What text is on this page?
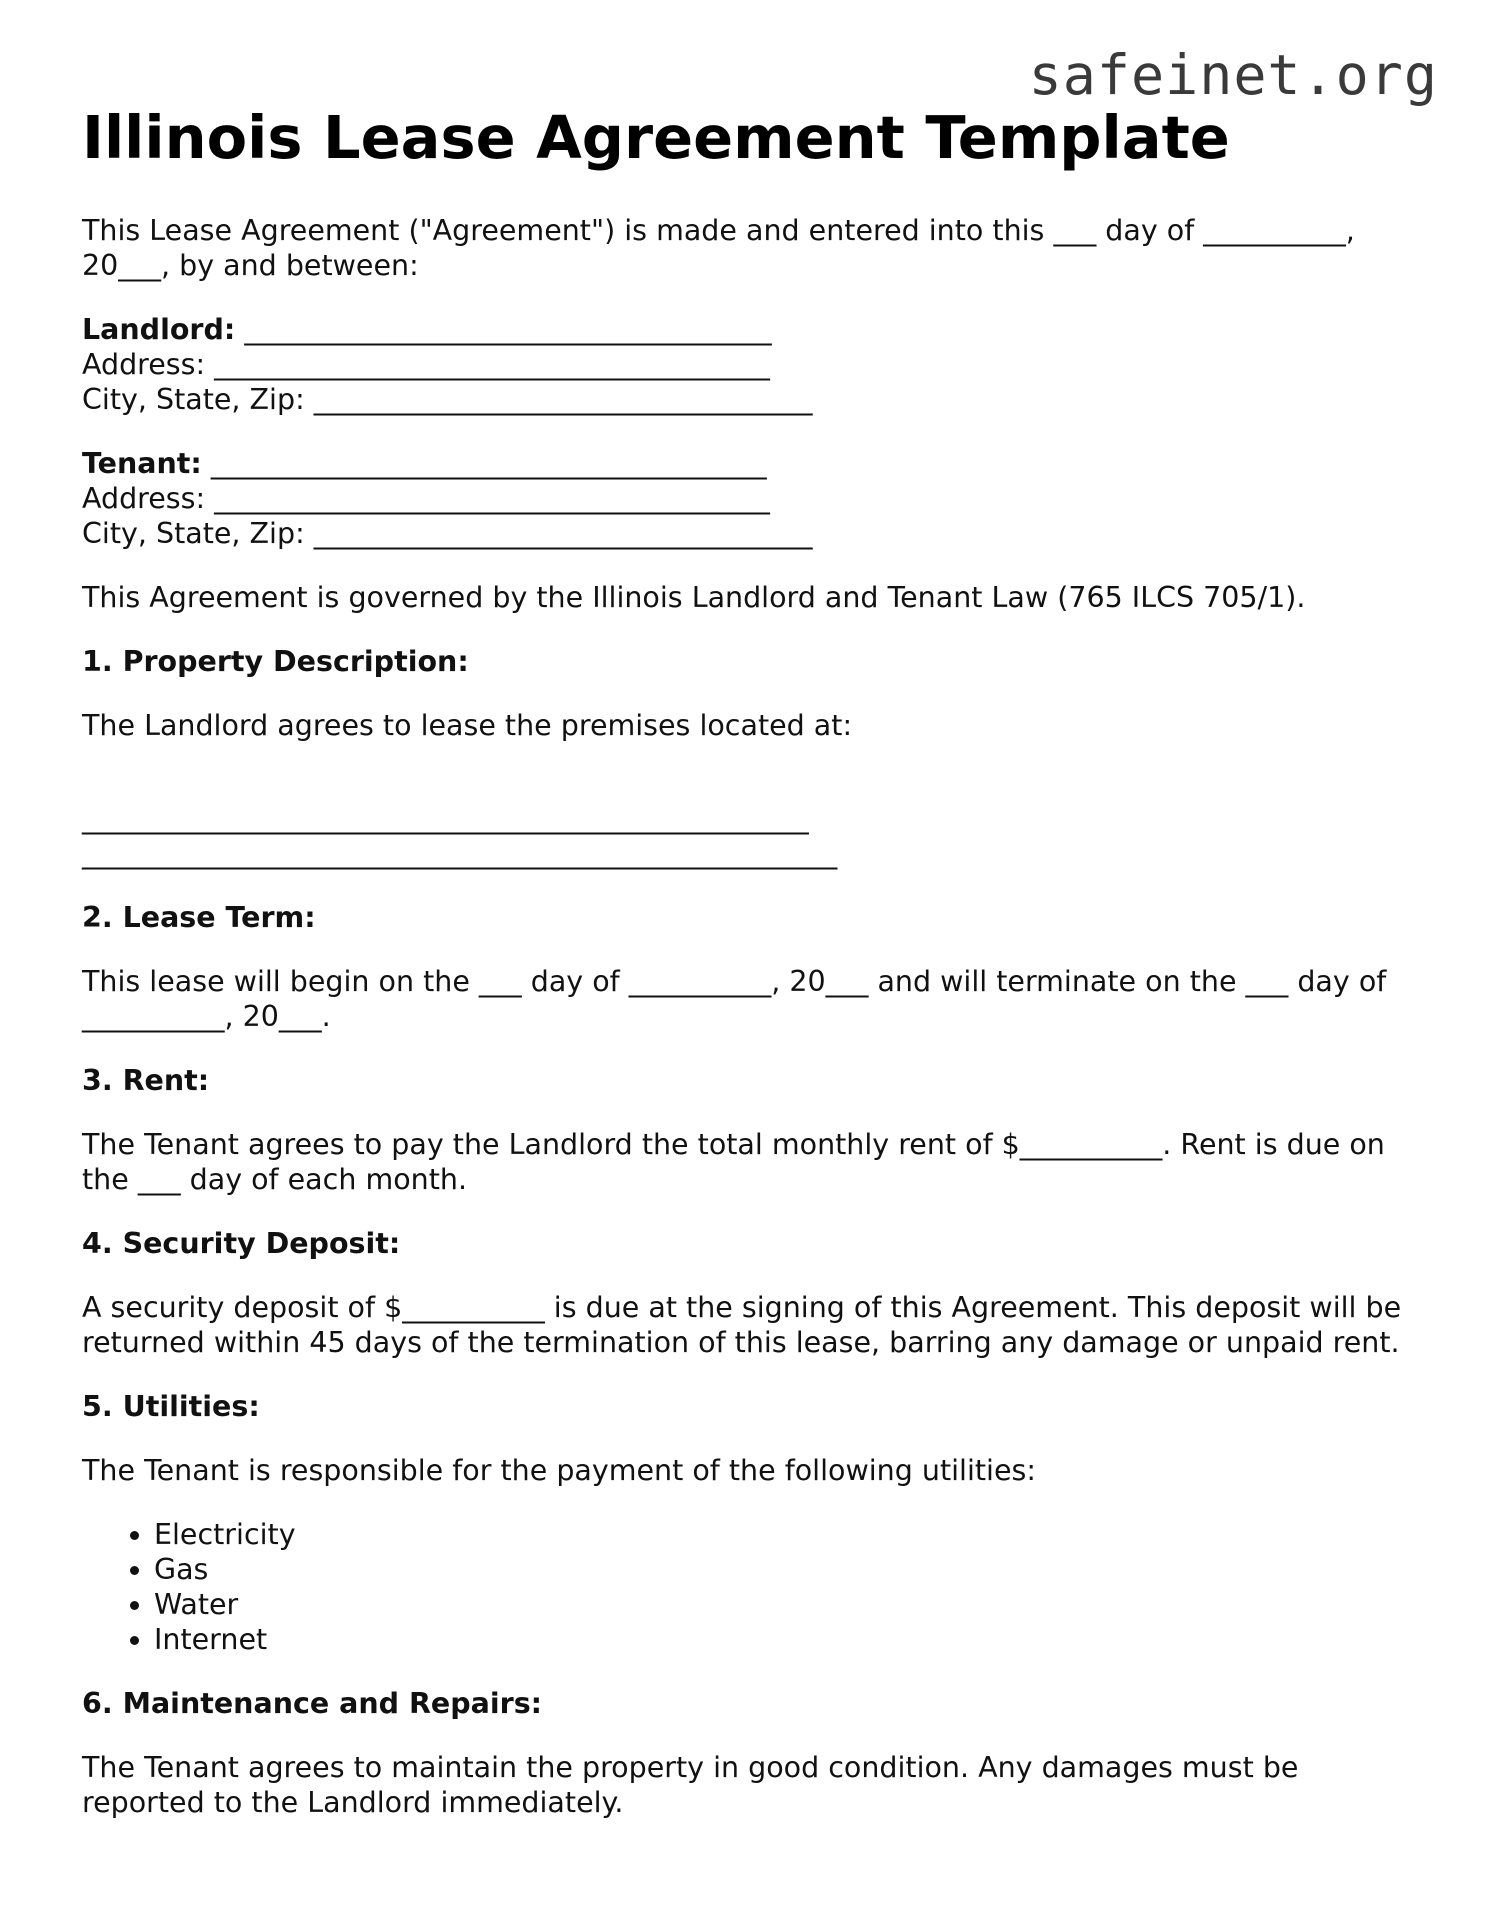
safeinet.org

Illinois Lease Agreement Template

This Lease Agreement ("Agreement") is made and entered into this ___ day of __________, 20___, by and between:

Landlord: _____________________________________
Address: _______________________________________
City, State, Zip: ___________________________________
Tenant: _______________________________________
Address: _______________________________________
City, State, Zip: ___________________________________

This Agreement is governed by the Illinois Landlord and Tenant Law (765 ILCS 705/1).

1. Property Description:

The Landlord agrees to lease the premises located at:

___________________________________________________
_____________________________________________________

2. Lease Term:

This lease will begin on the ___ day of __________, 20___ and will terminate on the ___ day of __________, 20___.

3. Rent:

The Tenant agrees to pay the Landlord the total monthly rent of $__________. Rent is due on the ___ day of each month.

4. Security Deposit:

A security deposit of $__________ is due at the signing of this Agreement. This deposit will be returned within 45 days of the termination of this lease, barring any damage or unpaid rent.

5. Utilities:

The Tenant is responsible for the payment of the following utilities:

• Electricity
• Gas
• Water
• Internet

6. Maintenance and Repairs:

The Tenant agrees to maintain the property in good condition. Any damages must be reported to the Landlord immediately.
